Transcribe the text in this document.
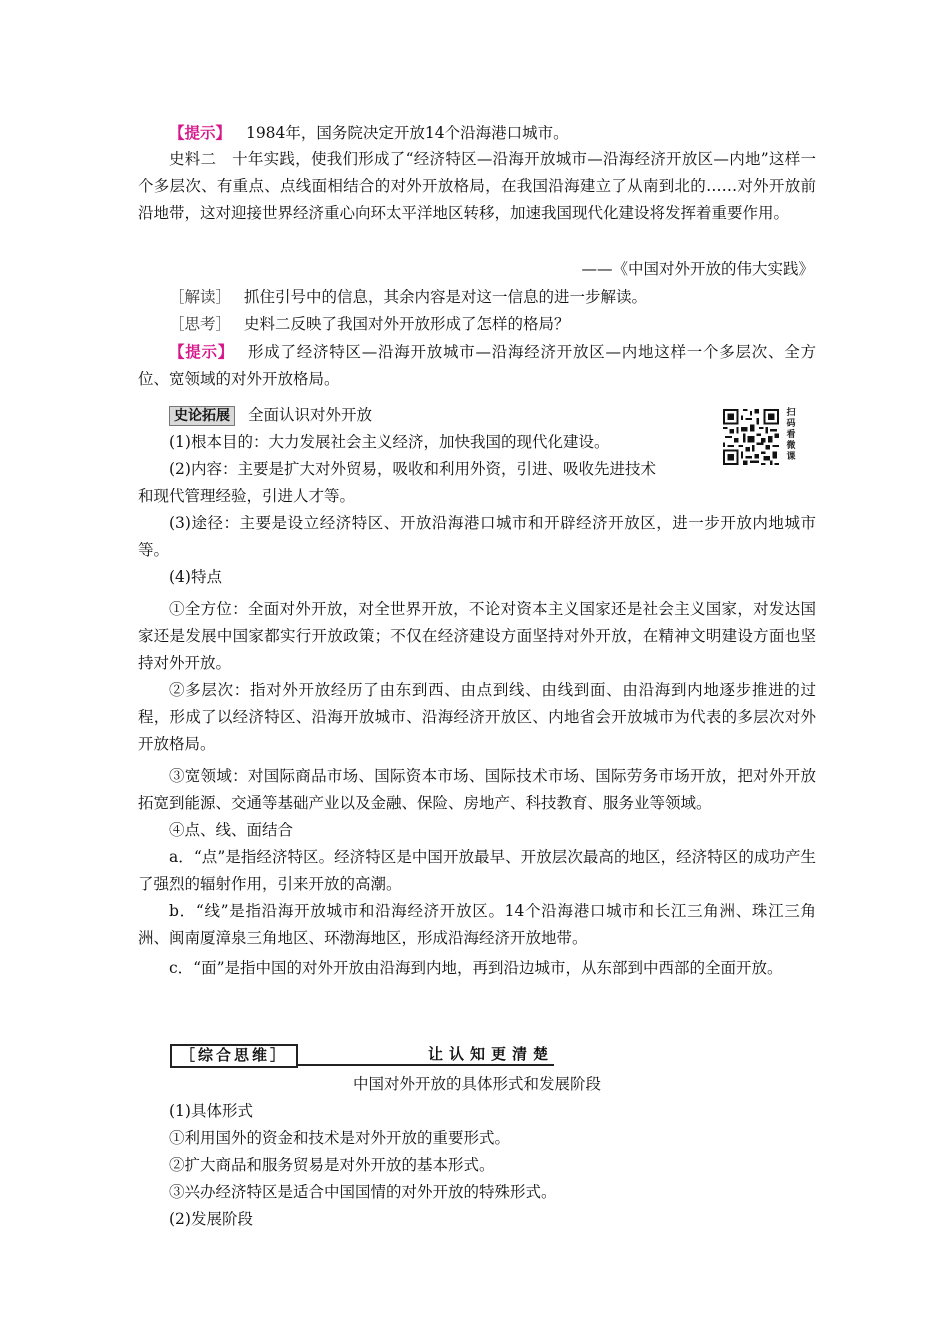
【提示】 1984年，国务院决定开放14个沿海港口城市。

史料二　十年实践，使我们形成了“经济特区—沿海开放城市—沿海经济开放区—内地”这样一个多层次、有重点、点线面相结合的对外开放格局，在我国沿海建立了从南到北的……对外开放前沿地带，这对迎接世界经济重心向环太平洋地区转移，加速我国现代化建设将发挥着重要作用。

——《中国对外开放的伟大实践》

［解读］ 抓住引号中的信息，其余内容是对这一信息的进一步解读。

［思考］ 史料二反映了我国对外开放形成了怎样的格局？

【提示】 形成了经济特区—沿海开放城市—沿海经济开放区—内地这样一个多层次、全方位、宽领域的对外开放格局。

史论拓展 全面认识对外开放	扫码看微课

(1)根本目的：大力发展社会主义经济，加快我国的现代化建设。

(2)内容：主要是扩大对外贸易，吸收和利用外资，引进、吸收先进技术

和现代管理经验，引进人才等。

(3)途径：主要是设立经济特区、开放沿海港口城市和开辟经济开放区，进一步开放内地城市等。

(4)特点

①全方位：全面对外开放，对全世界开放，不论对资本主义国家还是社会主义国家，对发达国家还是发展中国家都实行开放政策；不仅在经济建设方面坚持对外开放，在精神文明建设方面也坚持对外开放。

②多层次：指对外开放经历了由东到西、由点到线、由线到面、由沿海到内地逐步推进的过程，形成了以经济特区、沿海开放城市、沿海经济开放区、内地省会开放城市为代表的多层次对外开放格局。

③宽领域：对国际商品市场、国际资本市场、国际技术市场、国际劳务市场开放，把对外开放拓宽到能源、交通等基础产业以及金融、保险、房地产、科技教育、服务业等领域。

④点、线、面结合

a．“点”是指经济特区。经济特区是中国开放最早、开放层次最高的地区，经济特区的成功产生了强烈的辐射作用，引来开放的高潮。

b．“线”是指沿海开放城市和沿海经济开放区。14个沿海港口城市和长江三角洲、珠江三角洲、闽南厦漳泉三角地区、环渤海地区，形成沿海经济开放地带。

c．“面”是指中国的对外开放由沿海到内地，再到沿边城市，从东部到中西部的全面开放。

［综合思维］	让认知更清楚
中国对外开放的具体形式和发展阶段

(1)具体形式

①利用国外的资金和技术是对外开放的重要形式。

②扩大商品和服务贸易是对外开放的基本形式。

③兴办经济特区是适合中国国情的对外开放的特殊形式。

(2)发展阶段
